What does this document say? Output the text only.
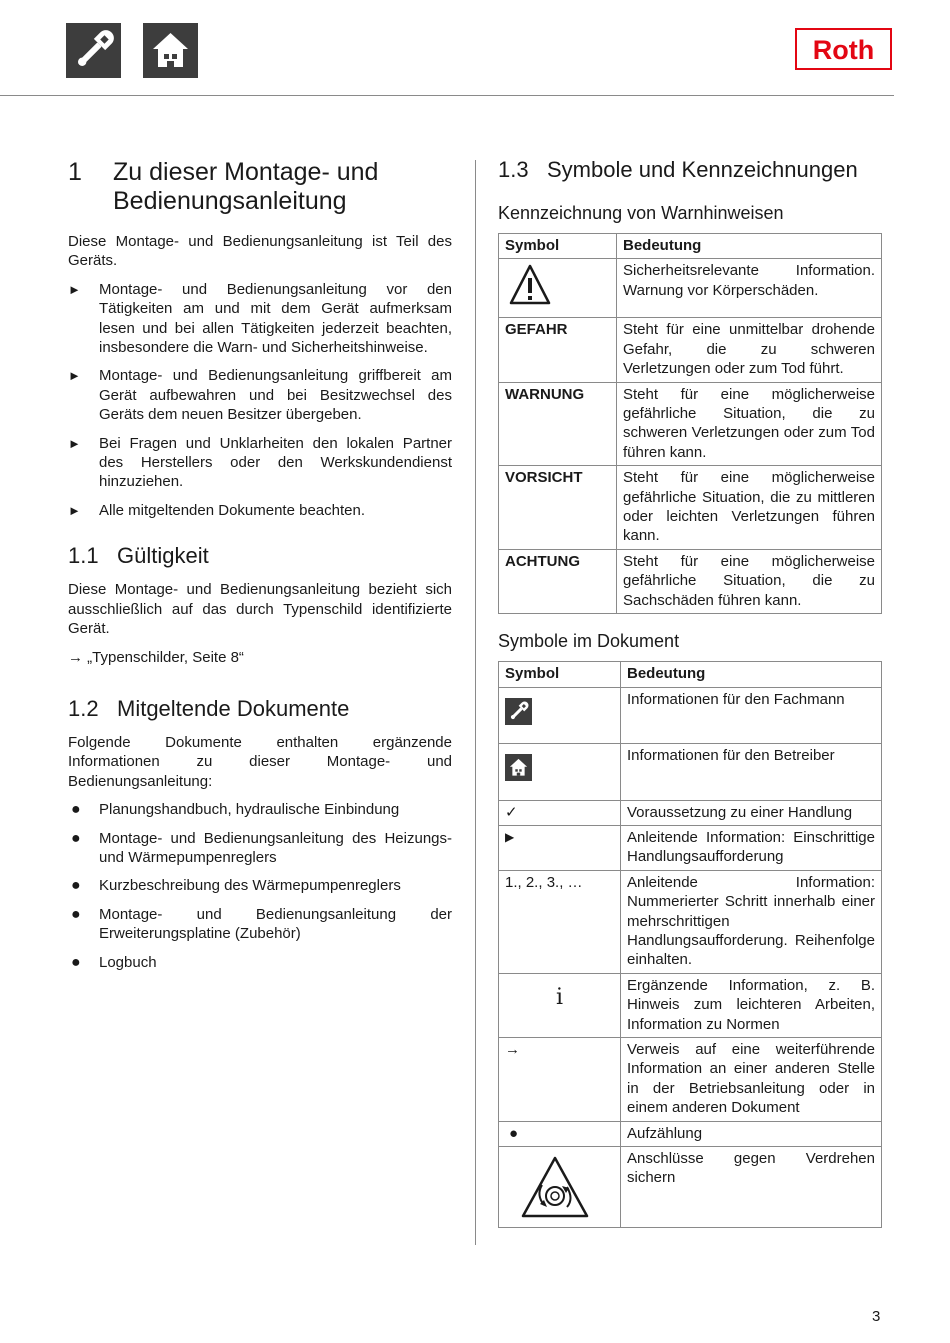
Roth
1	Zu dieser Montage- und
Bedienungsanleitung

Diese Montage- und Bedienungsanleitung ist Teil des Geräts.

►	Montage- und Bedienungsanleitung vor den Tätigkeiten am und mit dem Gerät aufmerksam lesen und bei allen Tätigkeiten jederzeit beachten, insbesondere die Warn- und Sicherheitshinweise.
►	Montage- und Bedienungsanleitung griffbereit am Gerät aufbewahren und bei Besitzwechsel des Geräts dem neuen Besitzer übergeben.
►	Bei Fragen und Unklarheiten den lokalen Partner des Herstellers oder den Werkskundendienst hinzuziehen.
►	Alle mitgeltenden Dokumente beachten.
1.1 Gültigkeit

Diese Montage- und Bedienungsanleitung bezieht sich ausschließlich auf das durch Typenschild identifizierte Gerät.

→ „Typenschilder, Seite 8“
1.2 Mitgeltende Dokumente

Folgende Dokumente enthalten ergänzende Informationen zu dieser Montage- und Bedienungsanleitung:

●	Planungshandbuch, hydraulische Einbindung
●	Montage- und Bedienungsanleitung des Heizungs- und Wärmepumpenreglers
●	Kurzbeschreibung des Wärmepumpenreglers
●	Montage- und Bedienungsanleitung der Erweiterungsplatine (Zubehör)
●	Logbuch
1.3 Symbole und Kennzeichnungen
Kennzeichnung von Warnhinweisen
Symbol	Bedeutung

	Sicherheitsrelevante Information. Warnung vor Körperschäden.
GEFAHR	Steht für eine unmittelbar drohende Gefahr, die zu schweren Verletzungen oder zum Tod führt.
WARNUNG	Steht für eine möglicherweise gefährliche Situation, die zu schweren Verletzungen oder zum Tod führen kann.
VORSICHT	Steht für eine möglicherweise gefährliche Situation, die zu mittleren oder leichten Verletzungen führen kann.
ACHTUNG	Steht für eine möglicherweise gefährliche Situation, die zu Sachschäden führen kann.
Symbole im Dokument
Symbol	Bedeutung

	Informationen für den Fachmann

	Informationen für den Betreiber
✓	Voraussetzung zu einer Handlung
▶	Anleitende Information: Einschrittige Handlungsaufforderung
1., 2., 3., …	Anleitende Information: Nummerierter Schritt innerhalb einer mehrschrittigen Handlungsaufforderung. Reihenfolge einhalten.

i	Ergänzende Information, z. B. Hinweis zum leichteren Arbeiten, Information zu Normen
→	Verweis auf eine weiterführende Information an einer anderen Stelle in der Betriebsanleitung oder in einem anderen Dokument
●	Aufzählung

	Anschlüsse gegen Verdrehen sichern
3
